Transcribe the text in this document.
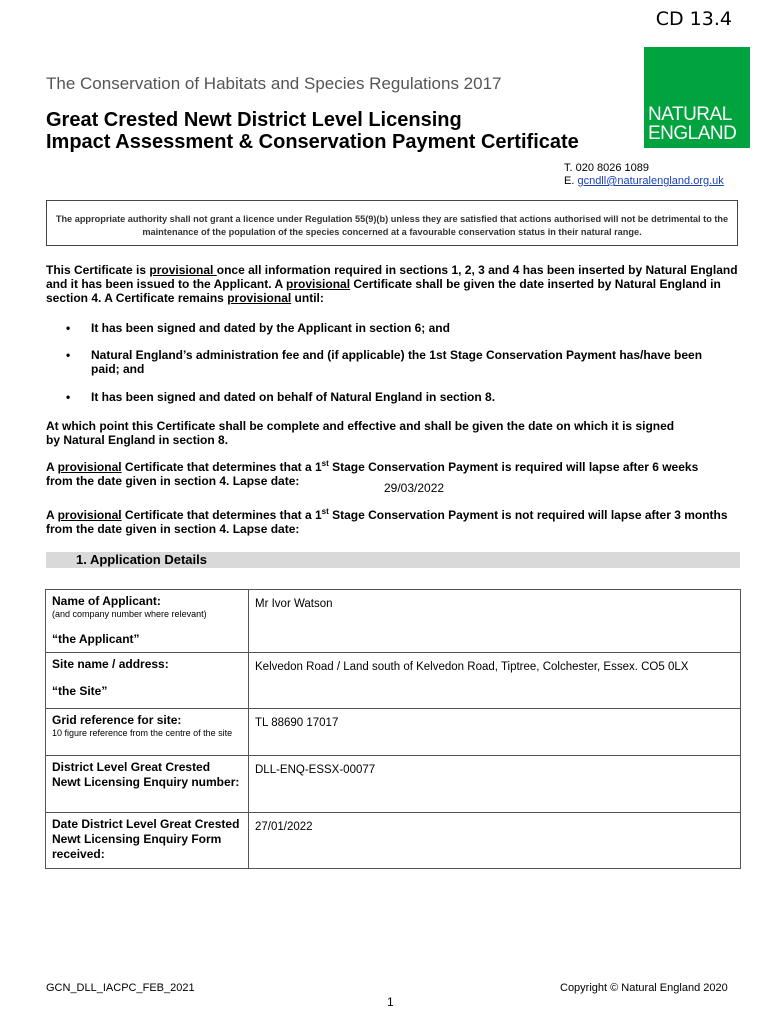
CD 13.4
NATURAL
ENGLAND
The Conservation of Habitats and Species Regulations 2017
Great Crested Newt District Level Licensing
Impact Assessment & Conservation Payment Certificate
T. 020 8026 1089
E. gcndll@naturalengland.org.uk
The appropriate authority shall not grant a licence under Regulation 55(9)(b) unless they are satisfied that actions authorised will not be detrimental to the maintenance of the population of the species concerned at a favourable conservation status in their natural range.
This Certificate is provisional once all information required in sections 1, 2, 3 and 4 has been inserted by Natural England and it has been issued to the Applicant. A provisional Certificate shall be given the date inserted by Natural England in section 4. A Certificate remains provisional until:
• It has been signed and dated by the Applicant in section 6; and
• Natural England’s administration fee and (if applicable) the 1st Stage Conservation Payment has/have been paid; and
• It has been signed and dated on behalf of Natural England in section 8.
At which point this Certificate shall be complete and effective and shall be given the date on which it is signed by Natural England in section 8.
A provisional Certificate that determines that a 1st Stage Conservation Payment is required will lapse after 6 weeks from the date given in section 4. Lapse date:	29/03/2022
A provisional Certificate that determines that a 1st Stage Conservation Payment is not required will lapse after 3 months from the date given in section 4. Lapse date:
1. Application Details
Name of Applicant:
(and company number where relevant)
“the Applicant”	Mr Ivor Watson

Site name / address:
“the Site”	Kelvedon Road / Land south of Kelvedon Road, Tiptree, Colchester, Essex. CO5 0LX

Grid reference for site:
10 figure reference from the centre of the site	TL 88690 17017

District Level Great Crested Newt Licensing Enquiry number:	DLL-ENQ-ESSX-00077

Date District Level Great Crested Newt Licensing Enquiry Form received:	27/01/2022
GCN_DLL_IACPC_FEB_2021	Copyright © Natural England 2020
1
